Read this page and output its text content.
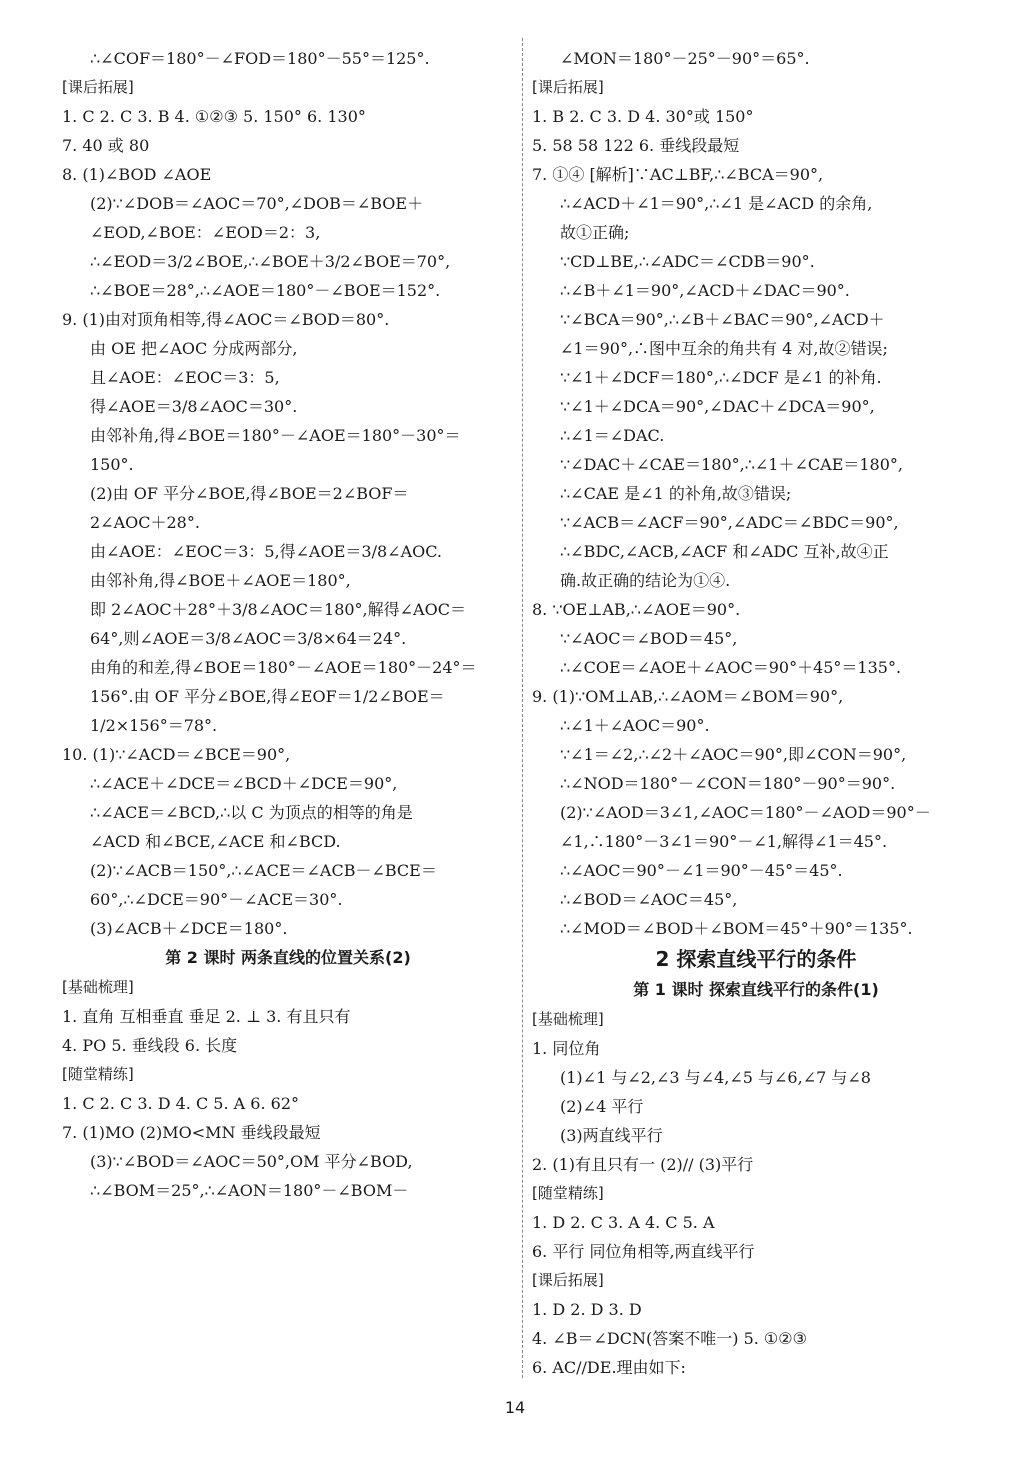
∴∠COF＝180°－∠FOD＝180°－55°＝125°.
[课后拓展]
1. C 2. C 3. B 4. ①②③ 5. 150° 6. 130°
7. 40 或 80
8. (1)∠BOD ∠AOE
(2)∵∠DOB＝∠AOC＝70°,∠DOB＝∠BOE＋
∠EOD,∠BOE：∠EOD＝2：3,
∴∠EOD＝3/2∠BOE,∴∠BOE＋3/2∠BOE＝70°,
∴∠BOE＝28°,∴∠AOE＝180°－∠BOE＝152°.
9. (1)由对顶角相等,得∠AOC＝∠BOD＝80°.
由 OE 把∠AOC 分成两部分,
且∠AOE：∠EOC＝3：5,
得∠AOE＝3/8∠AOC＝30°.
由邻补角,得∠BOE＝180°－∠AOE＝180°－30°＝
150°.
(2)由 OF 平分∠BOE,得∠BOE＝2∠BOF＝
2∠AOC＋28°.
由∠AOE：∠EOC＝3：5,得∠AOE＝3/8∠AOC.
由邻补角,得∠BOE＋∠AOE＝180°,
即 2∠AOC＋28°＋3/8∠AOC＝180°,解得∠AOC＝
64°,则∠AOE＝3/8∠AOC＝3/8×64＝24°.
由角的和差,得∠BOE＝180°－∠AOE＝180°－24°＝
156°.由 OF 平分∠BOE,得∠EOF＝1/2∠BOE＝
1/2×156°＝78°.
10. (1)∵∠ACD＝∠BCE＝90°,
∴∠ACE＋∠DCE＝∠BCD＋∠DCE＝90°,
∴∠ACE＝∠BCD,∴以 C 为顶点的相等的角是
∠ACD 和∠BCE,∠ACE 和∠BCD.
(2)∵∠ACB＝150°,∴∠ACE＝∠ACB－∠BCE＝
60°,∴∠DCE＝90°－∠ACE＝30°.
(3)∠ACB＋∠DCE＝180°.
第 2 课时 两条直线的位置关系(2)
[基础梳理]
1. 直角 互相垂直 垂足 2. ⊥ 3. 有且只有
4. PO 5. 垂线段 6. 长度
[随堂精练]
1. C 2. C 3. D 4. C 5. A 6. 62°
7. (1)MO (2)MO<MN 垂线段最短
(3)∵∠BOD＝∠AOC＝50°,OM 平分∠BOD,
∴∠BOM＝25°,∴∠AON＝180°－∠BOM－
∠MON＝180°－25°－90°＝65°.
[课后拓展]
1. B 2. C 3. D 4. 30°或 150°
5. 58 58 122 6. 垂线段最短
7. ①④ [解析]∵AC⊥BF,∴∠BCA＝90°,
∴∠ACD＋∠1＝90°,∴∠1 是∠ACD 的余角,
故①正确;
∵CD⊥BE,∴∠ADC＝∠CDB＝90°.
∴∠B＋∠1＝90°,∠ACD＋∠DAC＝90°.
∵∠BCA＝90°,∴∠B＋∠BAC＝90°,∠ACD＋
∠1＝90°,∴图中互余的角共有 4 对,故②错误;
∵∠1＋∠DCF＝180°,∴∠DCF 是∠1 的补角.
∵∠1＋∠DCA＝90°,∠DAC＋∠DCA＝90°,
∴∠1＝∠DAC.
∵∠DAC＋∠CAE＝180°,∴∠1＋∠CAE＝180°,
∴∠CAE 是∠1 的补角,故③错误;
∵∠ACB＝∠ACF＝90°,∠ADC＝∠BDC＝90°,
∴∠BDC,∠ACB,∠ACF 和∠ADC 互补,故④正
确.故正确的结论为①④.
8. ∵OE⊥AB,∴∠AOE＝90°.
∵∠AOC＝∠BOD＝45°,
∴∠COE＝∠AOE＋∠AOC＝90°＋45°＝135°.
9. (1)∵OM⊥AB,∴∠AOM＝∠BOM＝90°,
∴∠1＋∠AOC＝90°.
∵∠1＝∠2,∴∠2＋∠AOC＝90°,即∠CON＝90°,
∴∠NOD＝180°－∠CON＝180°－90°＝90°.
(2)∵∠AOD＝3∠1,∠AOC＝180°－∠AOD＝90°－
∠1,∴180°－3∠1＝90°－∠1,解得∠1＝45°.
∴∠AOC＝90°－∠1＝90°－45°＝45°.
∴∠BOD＝∠AOC＝45°,
∴∠MOD＝∠BOD＋∠BOM＝45°＋90°＝135°.
2 探索直线平行的条件
第 1 课时 探索直线平行的条件(1)
[基础梳理]
1. 同位角
(1)∠1 与∠2,∠3 与∠4,∠5 与∠6,∠7 与∠8
(2)∠4 平行
(3)两直线平行
2. (1)有且只有一 (2)// (3)平行
[随堂精练]
1. D 2. C 3. A 4. C 5. A
6. 平行 同位角相等,两直线平行
[课后拓展]
1. D 2. D 3. D
4. ∠B＝∠DCN(答案不唯一) 5. ①②③
6. AC//DE.理由如下:
14
